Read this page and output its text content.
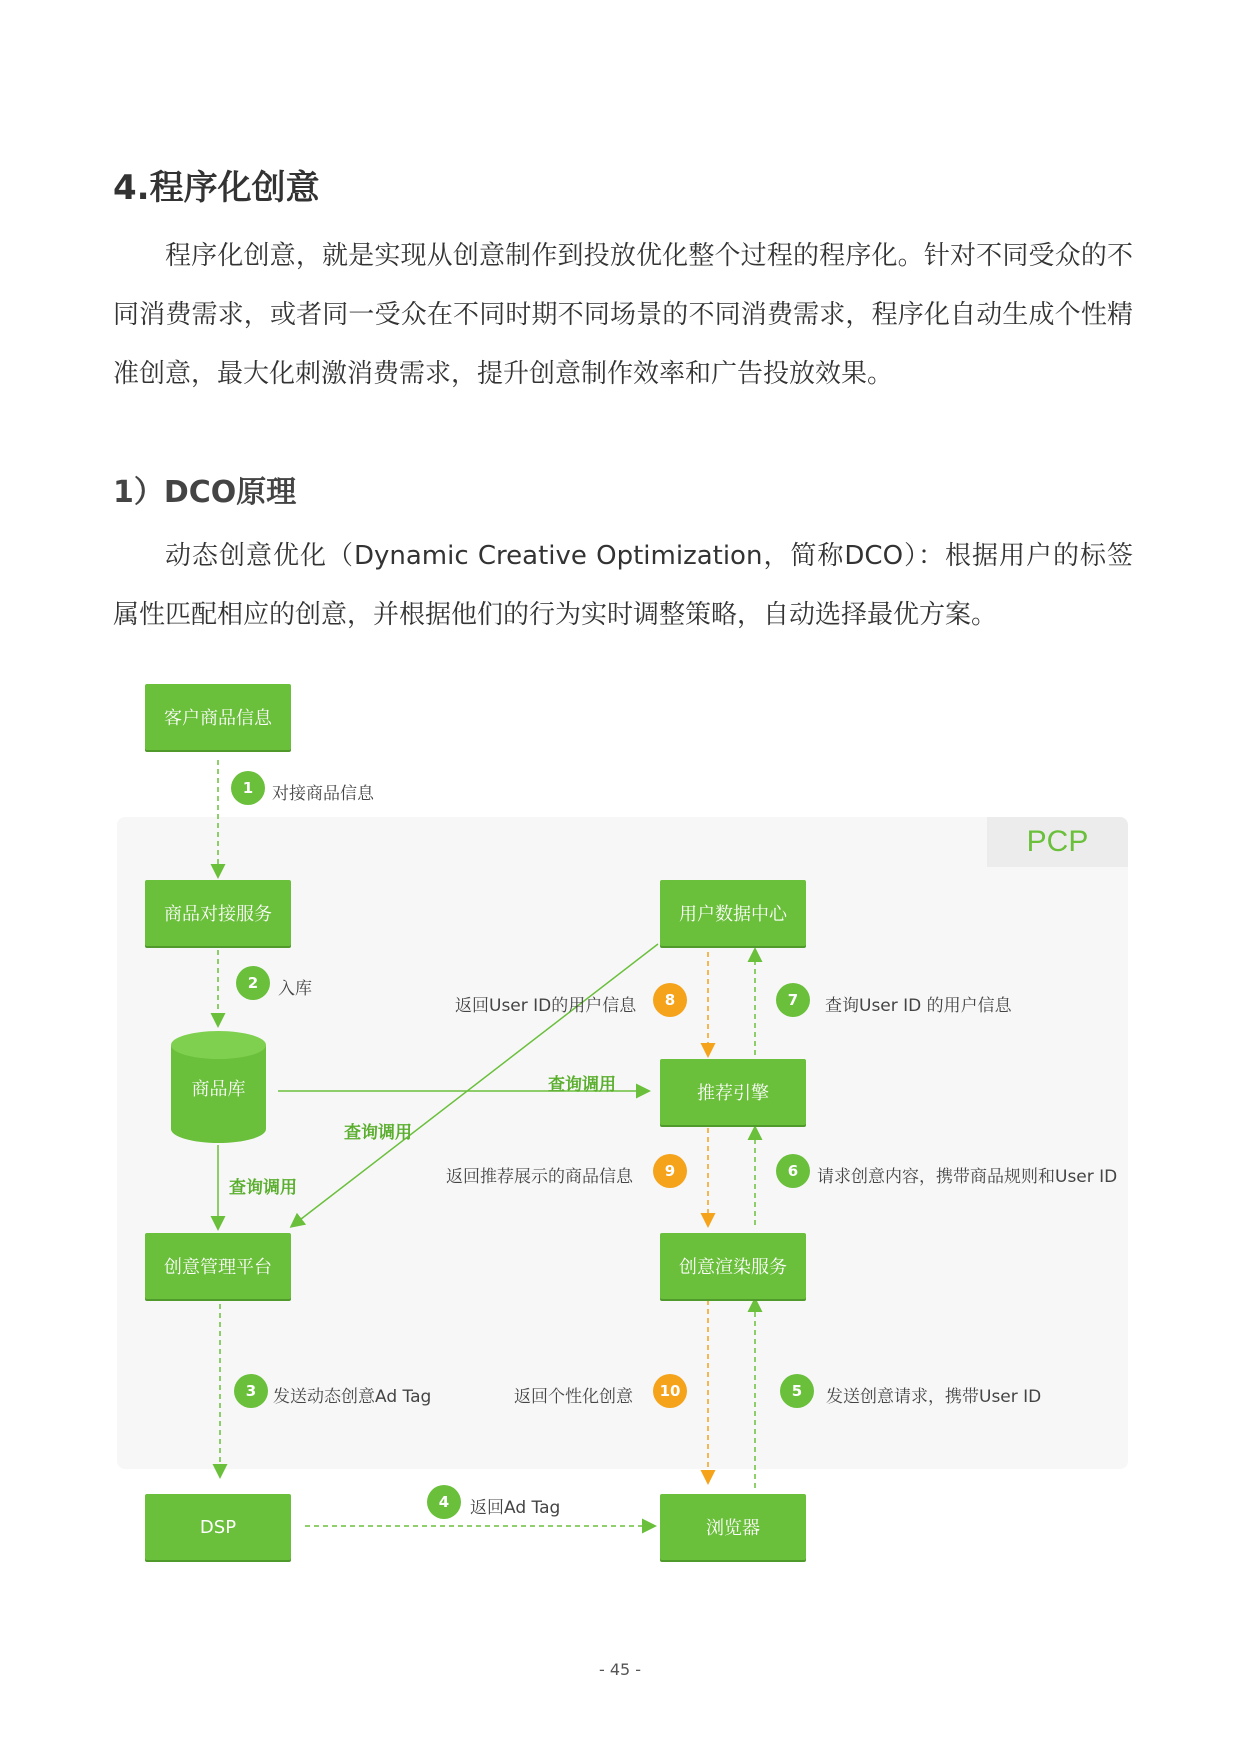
4.程序化创意

程序化创意，就是实现从创意制作到投放优化整个过程的程序化。针对不同受众的不同消费需求，或者同一受众在不同时期不同场景的不同消费需求，程序化自动生成个性精准创意，最大化刺激消费需求，提升创意制作效率和广告投放效果。

1）DCO原理

动态创意优化（Dynamic Creative Optimization，简称DCO）：根据用户的标签属性匹配相应的创意，并根据他们的行为实时调整策略，自动选择最优方案。

PCP
客户商品信息
商品对接服务
创意管理平台
DSP
用户数据中心
推荐引擎
创意渲染服务
浏览器
商品库
1	对接商品信息
2	入库
返回User ID的用户信息	8	7	查询User ID 的用户信息
查询调用
查询调用
查询调用
返回推荐展示的商品信息	9	6	请求创意内容，携带商品规则和User ID
3 发送动态创意Ad Tag	返回个性化创意	10	5	发送创意请求，携带User ID
4	返回Ad Tag
- 45 -
